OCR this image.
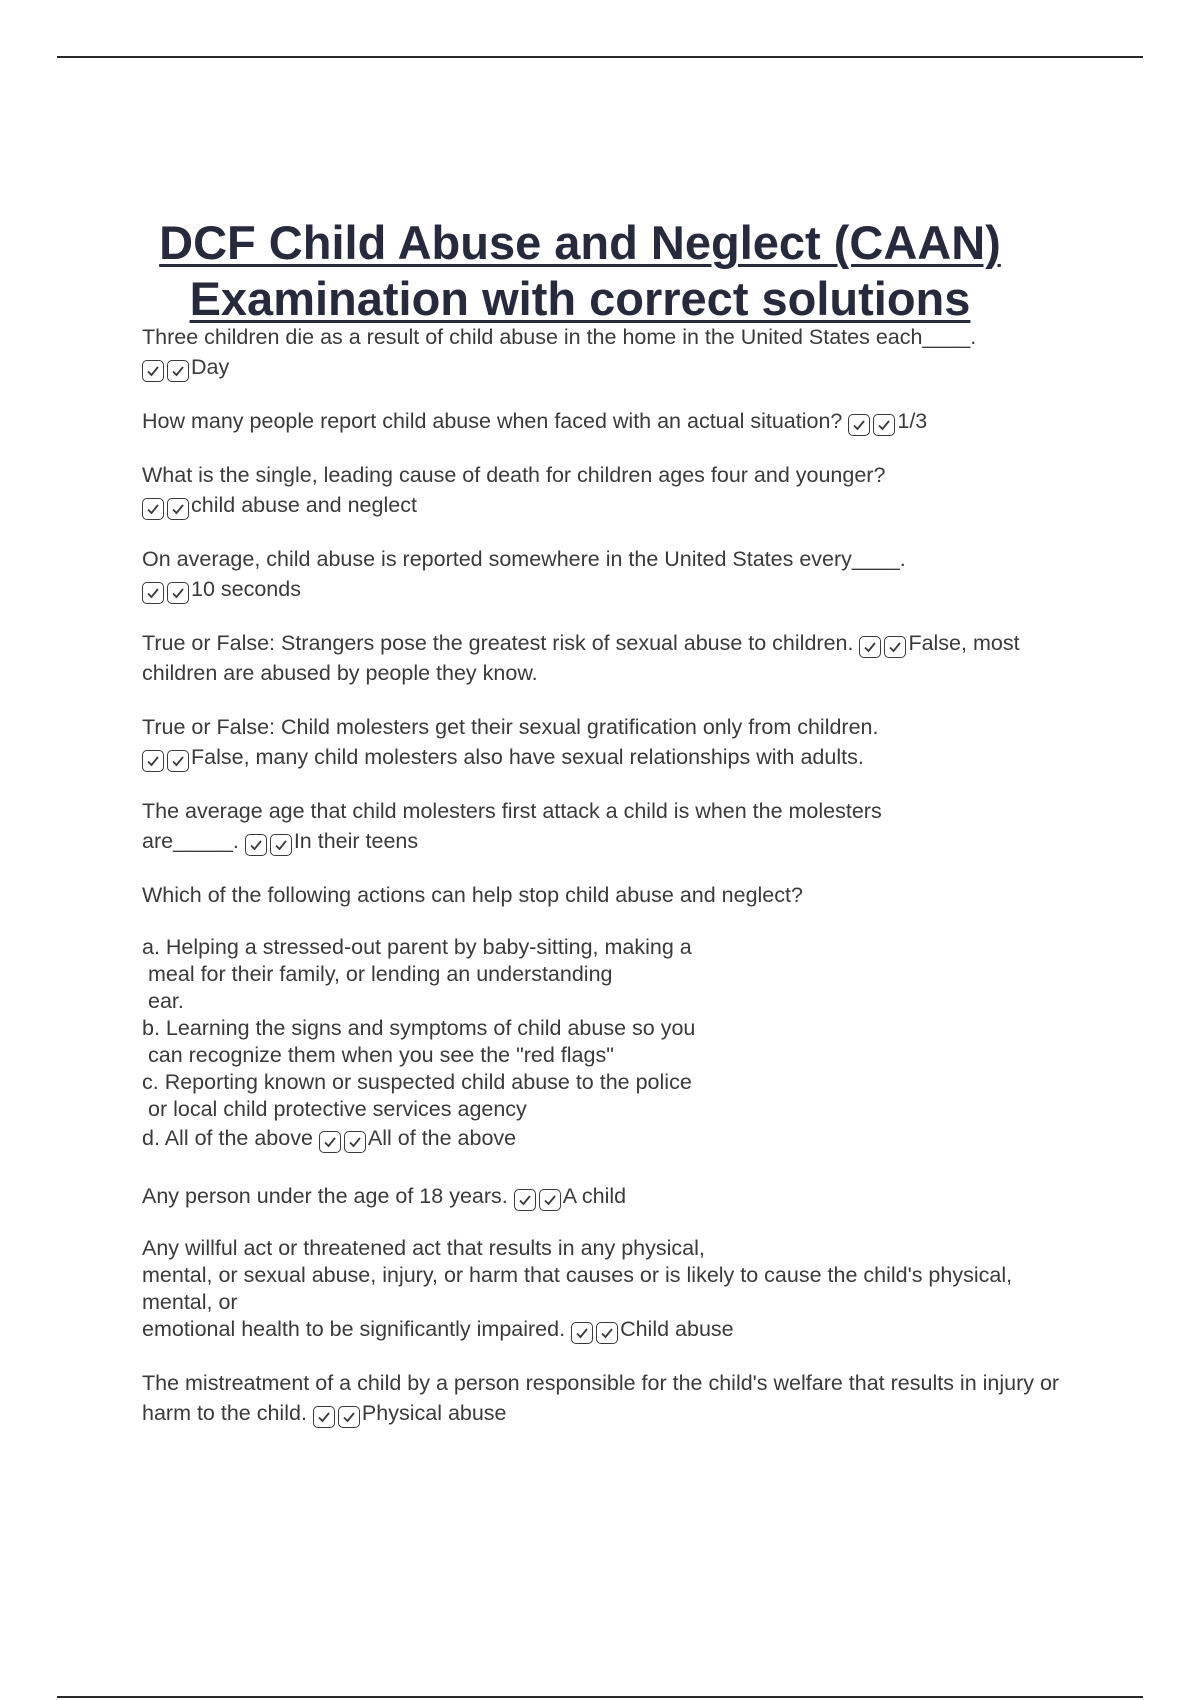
DCF Child Abuse and Neglect (CAAN)
Examination with correct solutions

Three children die as a result of child abuse in the home in the United States each____.

Day

How many people report child abuse when faced with an actual situation?	1/3

What is the single, leading cause of death for children ages four and younger?

child abuse and neglect

On average, child abuse is reported somewhere in the United States every____.

10 seconds

True or False: Strangers pose the greatest risk of sexual abuse to children.	False, most children are abused by people they know.

True or False: Child molesters get their sexual gratification only from children.

False, many child molesters also have sexual relationships with adults.

The average age that child molesters first attack a child is when the molesters are_____.	In their teens

Which of the following actions can help stop child abuse and neglect?

a. Helping a stressed-out parent by baby-sitting, making a
meal for their family, or lending an understanding
ear.

b. Learning the signs and symptoms of child abuse so you
can recognize them when you see the "red flags"

c. Reporting known or suspected child abuse to the police
or local child protective services agency

d. All of the above	All of the above

Any person under the age of 18 years.	A child

Any willful act or threatened act that results in any physical,
mental, or sexual abuse, injury, or harm that causes or is likely to cause the child's physical, mental, or
emotional health to be significantly impaired.	Child abuse

The mistreatment of a child by a person responsible for the child's welfare that results in injury or harm to the child.	Physical abuse
